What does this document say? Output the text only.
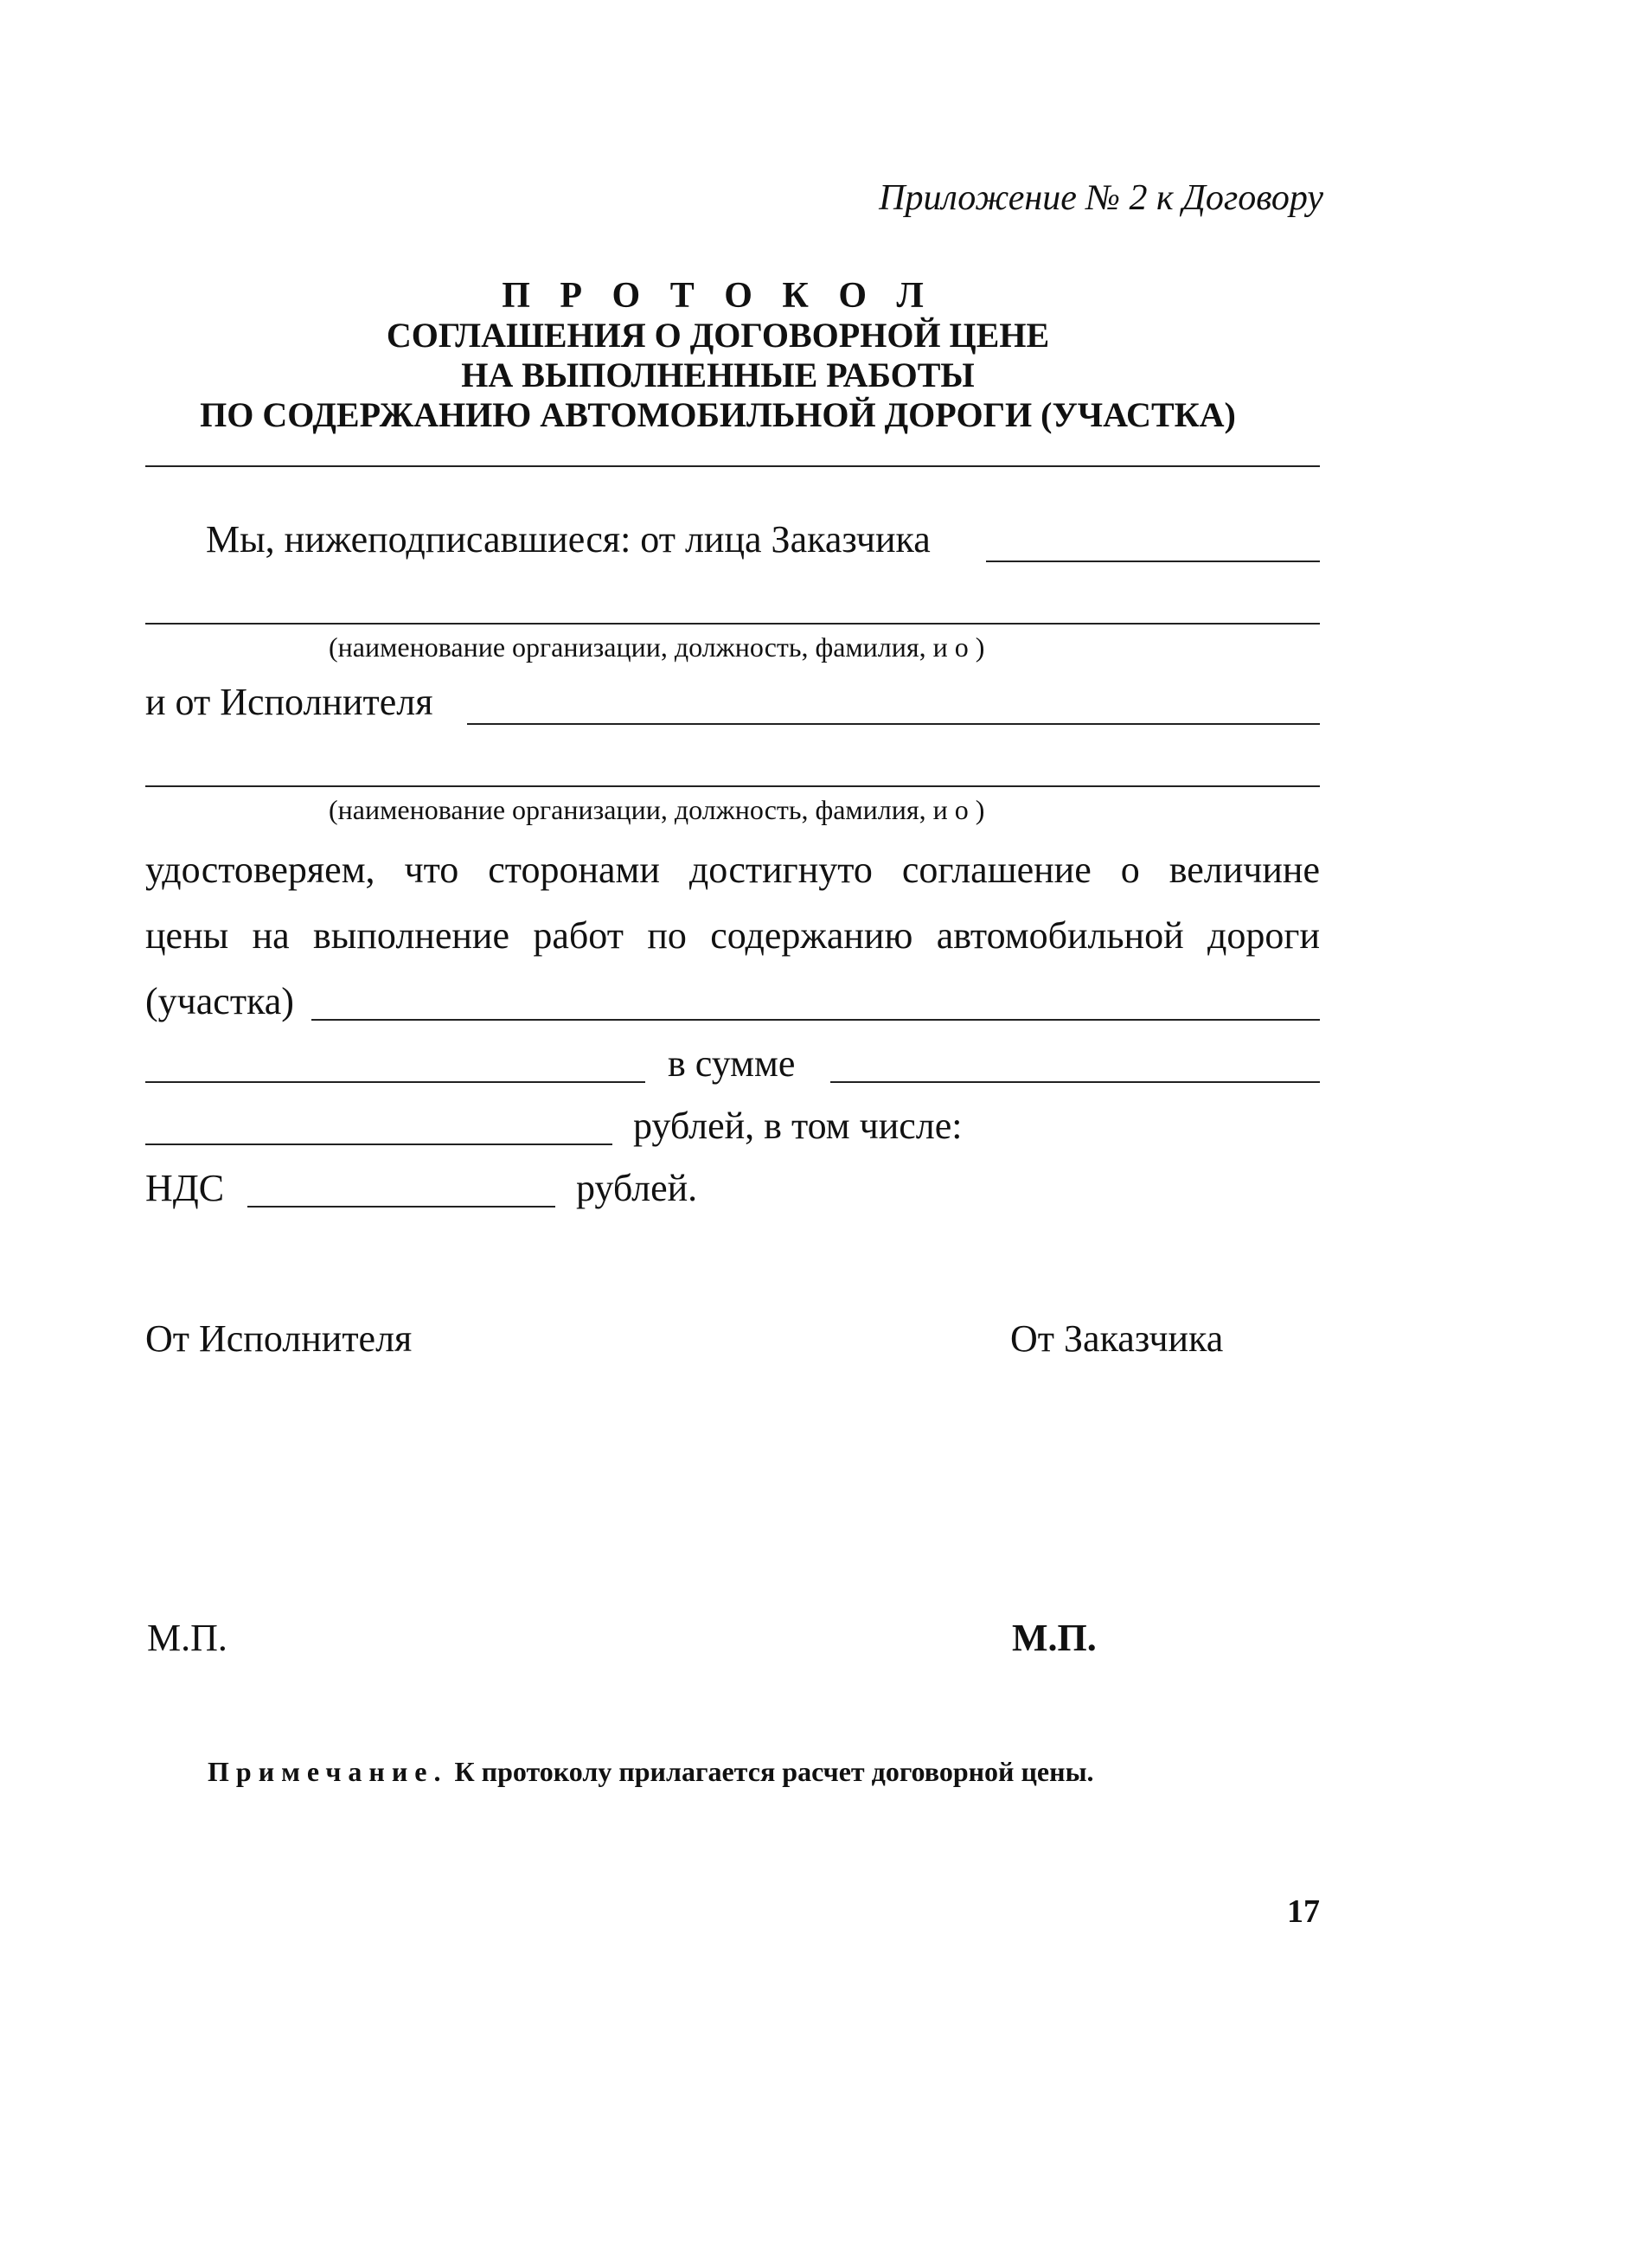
Приложение № 2 к Договору
П Р О Т О К О Л
СОГЛАШЕНИЯ О ДОГОВОРНОЙ ЦЕНЕ
НА ВЫПОЛНЕННЫЕ РАБОТЫ
ПО СОДЕРЖАНИЮ АВТОМОБИЛЬНОЙ ДОРОГИ (УЧАСТКА)
Мы, нижеподписавшиеся: от лица Заказчика
(наименование организации, должность, фамилия, и о )
и от Исполнителя
(наименование организации, должность, фамилия, и о )
удостоверяем, что сторонами достигнуто соглашение о величине
цены на выполнение работ по содержанию автомобильной дороги
(участка)
в сумме
рублей, в том числе:
НДС	рублей.
От Исполнителя	От Заказчика
М.П.	М.П.
Примечание. К протоколу прилагается расчет договорной цены.
17
